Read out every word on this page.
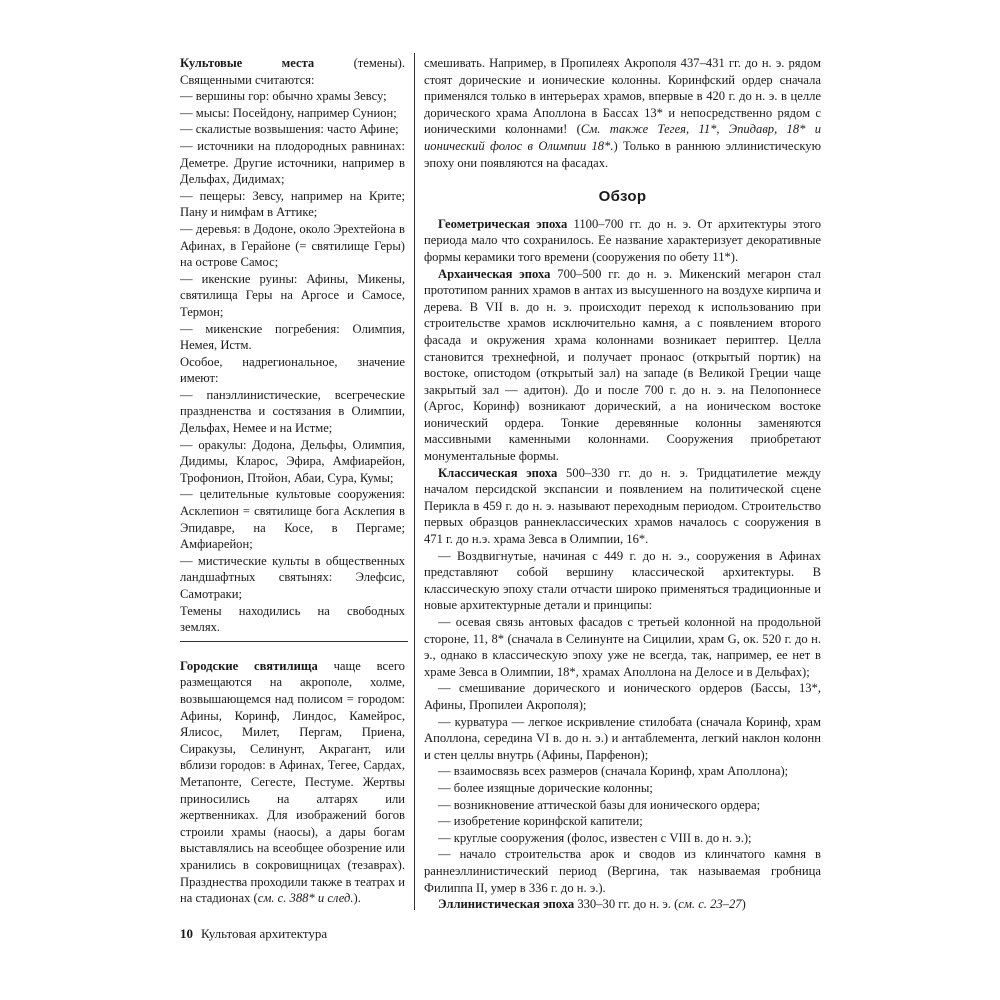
Культовые места (темены). Священными считаются:

— вершины гор: обычно храмы Зевсу;

— мысы: Посейдону, например Сунион;

— скалистые возвышения: часто Афине;

— источники на плодородных равнинах: Деметре. Другие источники, например в Дельфах, Дидимах;

— пещеры: Зевсу, например на Крите; Пану и нимфам в Аттике;

— деревья: в Додоне, около Эрехтейона в Афинах, в Герайоне (= святилище Геры) на острове Самос;

— икенские руины: Афины, Микены, святилища Геры на Аргосе и Самосе, Термон;

— микенские погребения: Олимпия, Немея, Истм.

Особое, надрегиональное, значение имеют:

— панэллинистические, всегреческие праздненства и состязания в Олимпии, Дельфах, Немее и на Истме;

— оракулы: Додона, Дельфы, Олимпия, Дидимы, Кларос, Эфира, Амфиарейон, Трофонион, Птойон, Абаи, Сура, Кумы;

— целительные культовые сооружения: Асклепион = святилище бога Асклепия в Эпидавре, на Косе, в Пергаме; Амфиарейон;

— мистические культы в общественных ландшафтных святынях: Элефсис, Самотраки;

Темены находились на свободных землях.

Городские святилища чаще всего размещаются на акрополе, холме, возвышающемся над полисом = городом: Афины, Коринф, Линдос, Камейрос, Ялисос, Милет, Пергам, Приена, Сиракузы, Селинунт, Акрагант, или вблизи городов: в Афинах, Тегее, Сардах, Метапонте, Сегесте, Пестуме. Жертвы приносились на алтарях или жертвенниках. Для изображений богов строили храмы (наосы), а дары богам выставлялись на всеобщее обозрение или хранились в сокровищницах (тезаврах). Празднества проходили также в театрах и на стадионах (см. с. 388* и след.).

смешивать. Например, в Пропилеях Акрополя 437–431 гг. до н. э. рядом стоят дорические и ионические колонны. Коринфский ордер сначала применялся только в интерьерах храмов, впервые в 420 г. до н. э. в целле дорического храма Аполлона в Бассах 13* и непосредственно рядом с ионическими колоннами! (См. также Тегея, 11*, Эпидавр, 18* и ионический фолос в Олимпии 18*.) Только в раннюю эллинистическую эпоху они появляются на фасадах.

Обзор

Геометрическая эпоха 1100–700 гг. до н. э. От архитектуры этого периода мало что сохранилось. Ее название характеризует декоративные формы керамики того времени (сооружения по обету 11*).

Архаическая эпоха 700–500 гг. до н. э. Микенский мегарон стал прототипом ранних храмов в антах из высушенного на воздухе кирпича и дерева. В VII в. до н. э. происходит переход к использованию при строительстве храмов исключительно камня, а с появлением второго фасада и окружения храма колоннами возникает периптер. Целла становится трехнефной, и получает пронаос (открытый портик) на востоке, опистодом (открытый зал) на западе (в Великой Греции чаще закрытый зал — адитон). До и после 700 г. до н. э. на Пелопоннесе (Аргос, Коринф) возникают дорический, а на ионическом востоке ионический ордера. Тонкие деревянные колонны заменяются массивными каменными колоннами. Сооружения приобретают монументальные формы.

Классическая эпоха 500–330 гг. до н. э. Тридцатилетие между началом персидской экспансии и появлением на политической сцене Перикла в 459 г. до н. э. называют переходным периодом. Строительство первых образцов раннеклассических храмов началось с сооружения в 471 г. до н.э. храма Зевса в Олимпии, 16*.

— Воздвигнутые, начиная с 449 г. до н. э., сооружения в Афинах представляют собой вершину классической архитектуры. В классическую эпоху стали отчасти широко применяться традиционные и новые архитектурные детали и принципы:

— осевая связь антовых фасадов с третьей колонной на продольной стороне, 11, 8* (сначала в Селинунте на Сицилии, храм G, ок. 520 г. до н. э., однако в классическую эпоху уже не всегда, так, например, ее нет в храме Зевса в Олимпии, 18*, храмах Аполлона на Делосе и в Дельфах);

— смешивание дорического и ионического ордеров (Бассы, 13*, Афины, Пропилеи Акрополя);

— курватура — легкое искривление стилобата (сначала Коринф, храм Аполлона, середина VI в. до н. э.) и антаблемента, легкий наклон колонн и стен целлы внутрь (Афины, Парфенон);

— взаимосвязь всех размеров (сначала Коринф, храм Аполлона);

— более изящные дорические колонны;

— возникновение аттической базы для ионического ордера;

— изобретение коринфской капители;

— круглые сооружения (фолос, известен с VIII в. до н. э.);

— начало строительства арок и сводов из клинчатого камня в раннеэллинистический период (Вергина, так называемая гробница Филиппа II, умер в 336 г. до н. э.).

Эллинистическая эпоха 330–30 гг. до н. э. (см. с. 23–27)

10 Культовая архитектура
